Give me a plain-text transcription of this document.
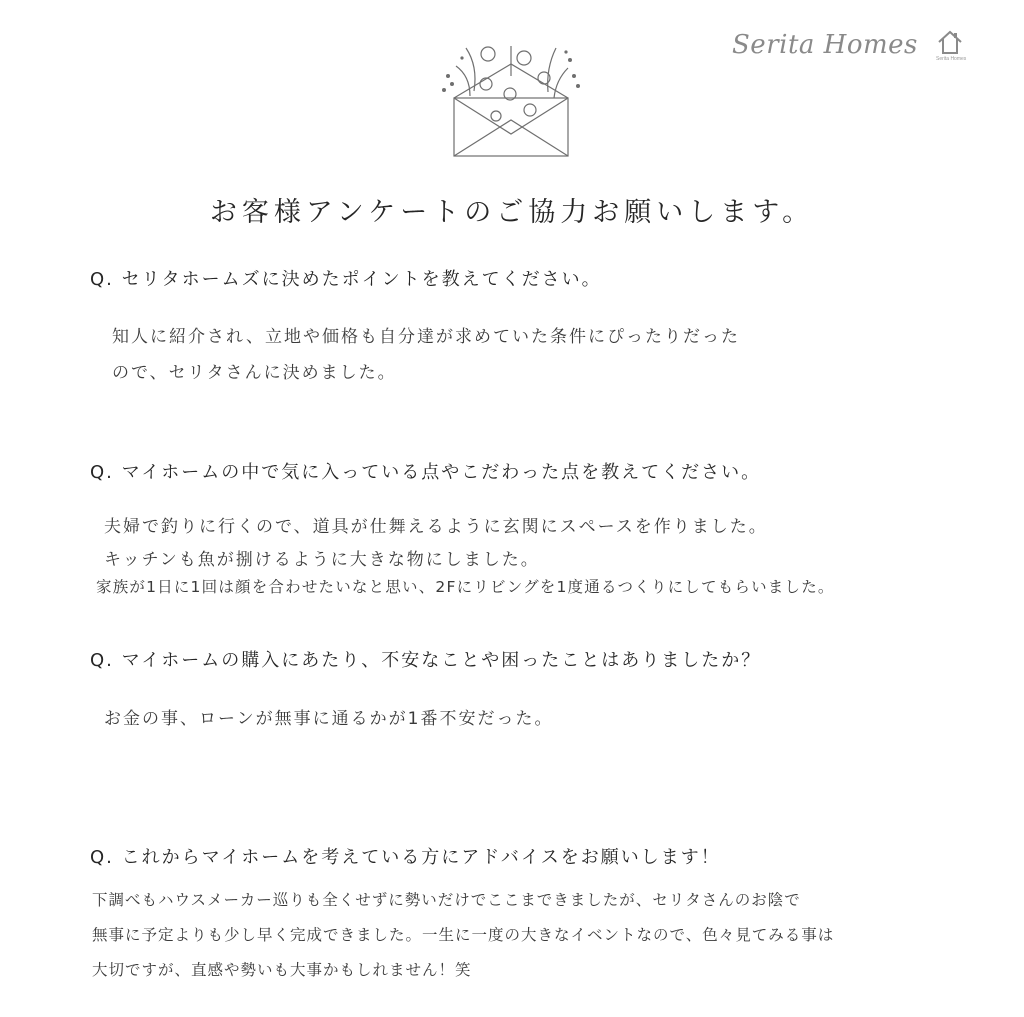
Serita Homes	Serita Homes
お客様アンケートのご協力お願いします。
Q. セリタホームズに決めたポイントを教えてください。
知人に紹介され、立地や価格も自分達が求めていた条件にぴったりだった
ので、セリタさんに決めました。
Q. マイホームの中で気に入っている点やこだわった点を教えてください。
夫婦で釣りに行くので、道具が仕舞えるように玄関にスペースを作りました。
キッチンも魚が捌けるように大きな物にしました。
家族が1日に1回は顔を合わせたいなと思い、2Fにリビングを1度通るつくりにしてもらいました。
Q. マイホームの購入にあたり、不安なことや困ったことはありましたか？
お金の事、ローンが無事に通るかが1番不安だった。
Q. これからマイホームを考えている方にアドバイスをお願いします！
下調べもハウスメーカー巡りも全くせずに勢いだけでここまできましたが、セリタさんのお陰で
無事に予定よりも少し早く完成できました。一生に一度の大きなイベントなので、色々見てみる事は
大切ですが、直感や勢いも大事かもしれません！笑
